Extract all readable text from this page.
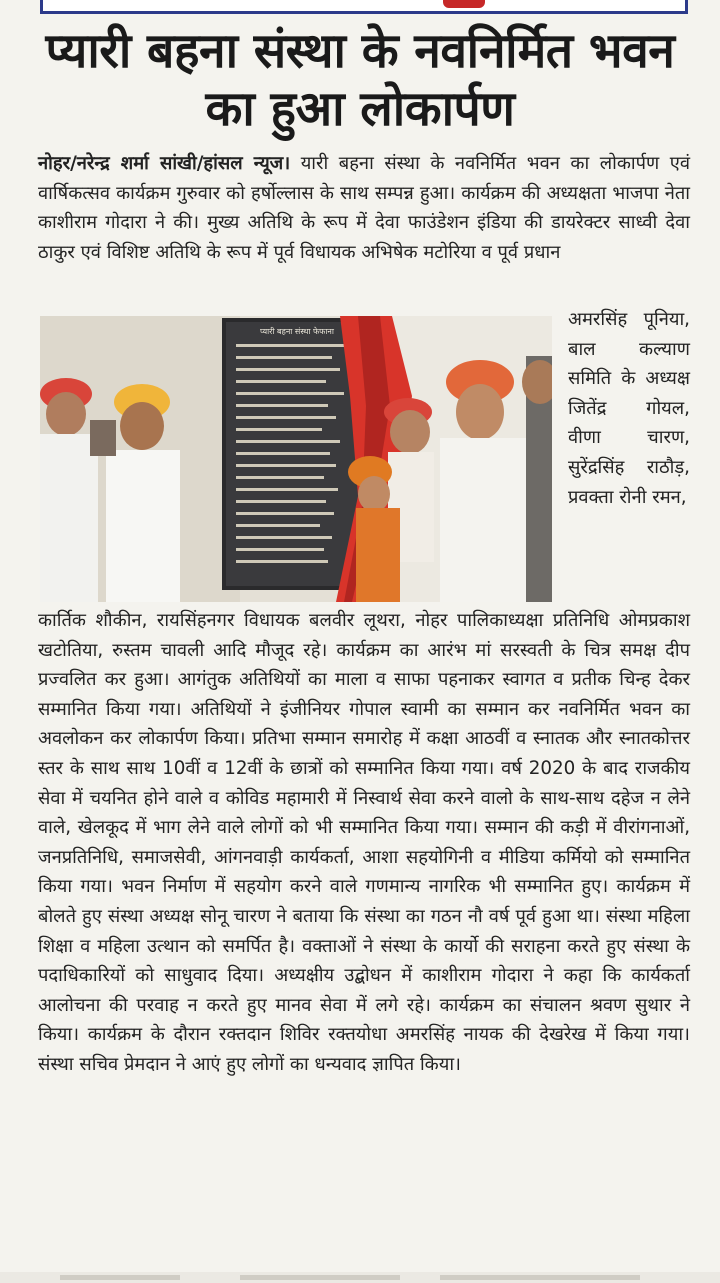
प्यारी बहना संस्था के नवनिर्मित भवन का हुआ लोकार्पण
नोहर/नरेन्द्र शर्मा सांखी/हांसल न्यूज। यारी बहना संस्था के नवनिर्मित भवन का लोकार्पण एवं वार्षिकत्सव कार्यक्रम गुरुवार को हर्षोल्लास के साथ सम्पन्न हुआ। कार्यक्रम की अध्यक्षता भाजपा नेता काशीराम गोदारा ने की। मुख्य अतिथि के रूप में देवा फाउंडेशन इंडिया की डायरेक्टर साध्वी देवा ठाकुर एवं विशिष्ट अतिथि के रूप में पूर्व विधायक अभिषेक मटोरिया व पूर्व प्रधान
प्यारी बहना संस्था फेफाना
अमरसिंह पूनिया, बाल कल्याण समिति के अध्यक्ष जितेंद्र गोयल, वीणा चारण, सुरेंद्रसिंह राठौड़, प्रवक्ता रोनी रमन,
कार्तिक शौकीन, रायसिंहनगर विधायक बलवीर लूथरा, नोहर पालिकाध्यक्षा प्रतिनिधि ओमप्रकाश खटोतिया, रुस्तम चावली आदि मौजूद रहे। कार्यक्रम का आरंभ मां सरस्वती के चित्र समक्ष दीप प्रज्वलित कर हुआ। आगंतुक अतिथियों का माला व साफा पहनाकर स्वागत व प्रतीक चिन्ह देकर सम्मानित किया गया। अतिथियों ने इंजीनियर गोपाल स्वामी का सम्मान कर नवनिर्मित भवन का अवलोकन कर लोकार्पण किया। प्रतिभा सम्मान समारोह में कक्षा आठवीं व स्नातक और स्नातकोत्तर स्तर के साथ साथ 10वीं व 12वीं के छात्रों को सम्मानित किया गया। वर्ष 2020 के बाद राजकीय सेवा में चयनित होने वाले व कोविड महामारी में निस्वार्थ सेवा करने वालो के साथ-साथ दहेज न लेने वाले, खेलकूद में भाग लेने वाले लोगों को भी सम्मानित किया गया। सम्मान की कड़ी में वीरांगनाओं, जनप्रतिनिधि, समाजसेवी, आंगनवाड़ी कार्यकर्ता, आशा सहयोगिनी व मीडिया कर्मियो को सम्मानित किया गया। भवन निर्माण में सहयोग करने वाले गणमान्य नागरिक भी सम्मानित हुए। कार्यक्रम में बोलते हुए संस्था अध्यक्ष सोनू चारण ने बताया कि संस्था का गठन नौ वर्ष पूर्व हुआ था। संस्था महिला शिक्षा व महिला उत्थान को समर्पित है। वक्ताओं ने संस्था के कार्यो की सराहना करते हुए संस्था के पदाधिकारियों को साधुवाद दिया। अध्यक्षीय उद्बोधन में काशीराम गोदारा ने कहा कि कार्यकर्ता आलोचना की परवाह न करते हुए मानव सेवा में लगे रहे। कार्यक्रम का संचालन श्रवण सुथार ने किया। कार्यक्रम के दौरान रक्तदान शिविर रक्तयोधा अमरसिंह नायक की देखरेख में किया गया। संस्था सचिव प्रेमदान ने आएं हुए लोगों का धन्यवाद ज्ञापित किया।
